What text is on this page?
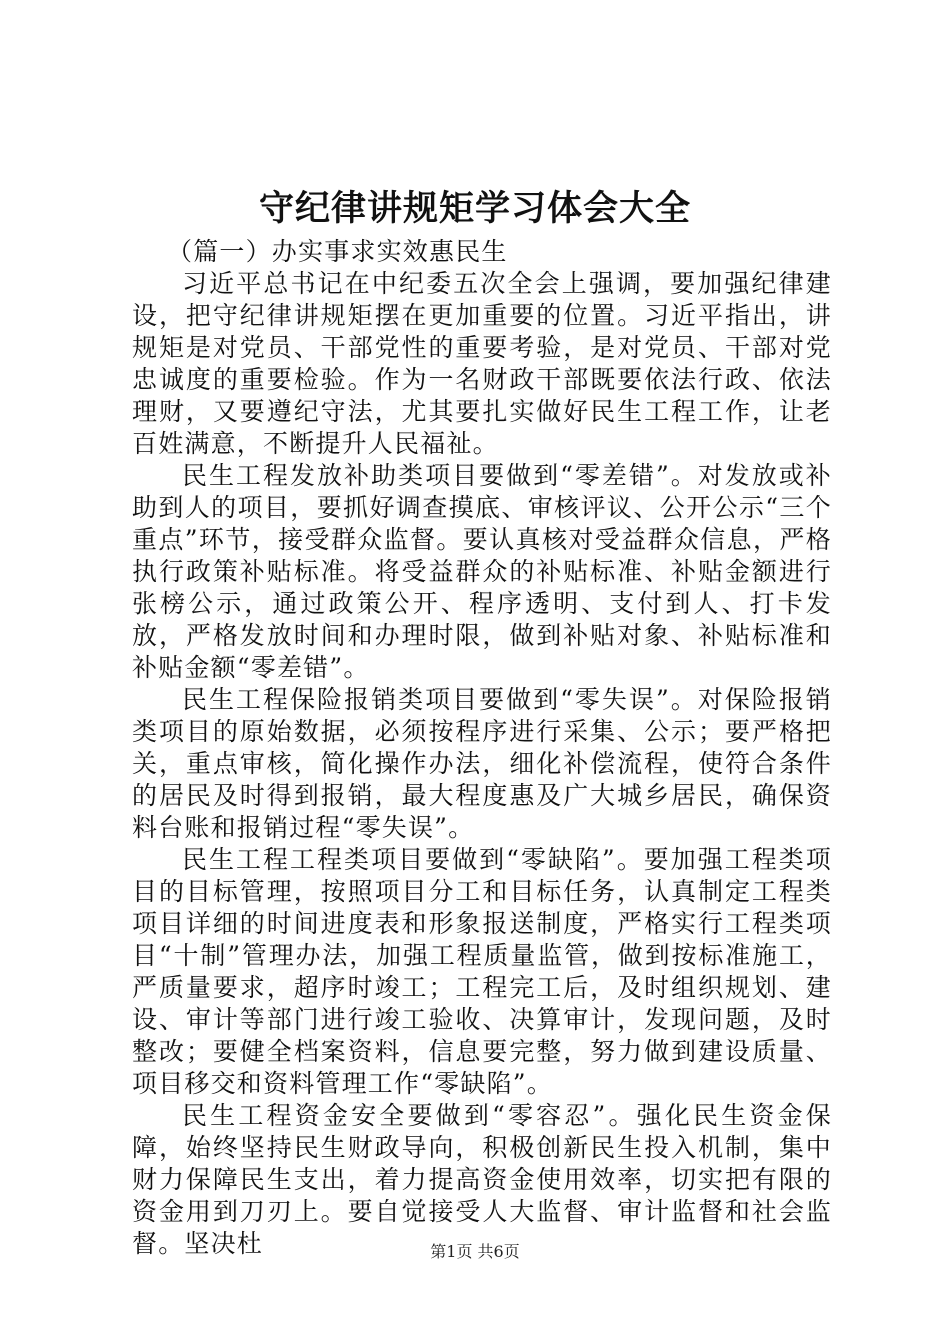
守纪律讲规矩学习体会大全

（篇一）办实事求实效惠民生

习近平总书记在中纪委五次全会上强调，要加强纪律建设，把守纪律讲规矩摆在更加重要的位置。习近平指出，讲规矩是对党员、干部党性的重要考验，是对党员、干部对党忠诚度的重要检验。作为一名财政干部既要依法行政、依法理财，又要遵纪守法，尤其要扎实做好民生工程工作，让老百姓满意，不断提升人民福祉。

民生工程发放补助类项目要做到“零差错”。对发放或补助到人的项目，要抓好调查摸底、审核评议、公开公示“三个重点”环节，接受群众监督。要认真核对受益群众信息，严格执行政策补贴标准。将受益群众的补贴标准、补贴金额进行张榜公示，通过政策公开、程序透明、支付到人、打卡发放，严格发放时间和办理时限，做到补贴对象、补贴标准和补贴金额“零差错”。

民生工程保险报销类项目要做到“零失误”。对保险报销类项目的原始数据，必须按程序进行采集、公示；要严格把关，重点审核，简化操作办法，细化补偿流程，使符合条件的居民及时得到报销，最大程度惠及广大城乡居民，确保资料台账和报销过程“零失误”。

民生工程工程类项目要做到“零缺陷”。要加强工程类项目的目标管理，按照项目分工和目标任务，认真制定工程类项目详细的时间进度表和形象报送制度，严格实行工程类项目“十制”管理办法，加强工程质量监管，做到按标准施工，严质量要求，超序时竣工；工程完工后，及时组织规划、建设、审计等部门进行竣工验收、决算审计，发现问题，及时整改；要健全档案资料，信息要完整，努力做到建设质量、项目移交和资料管理工作“零缺陷”。

民生工程资金安全要做到“零容忍”。强化民生资金保障，始终坚持民生财政导向，积极创新民生投入机制，集中财力保障民生支出，着力提高资金使用效率，切实把有限的资金用到刀刃上。要自觉接受人大监督、审计监督和社会监督。坚决杜	第1页 共6页
